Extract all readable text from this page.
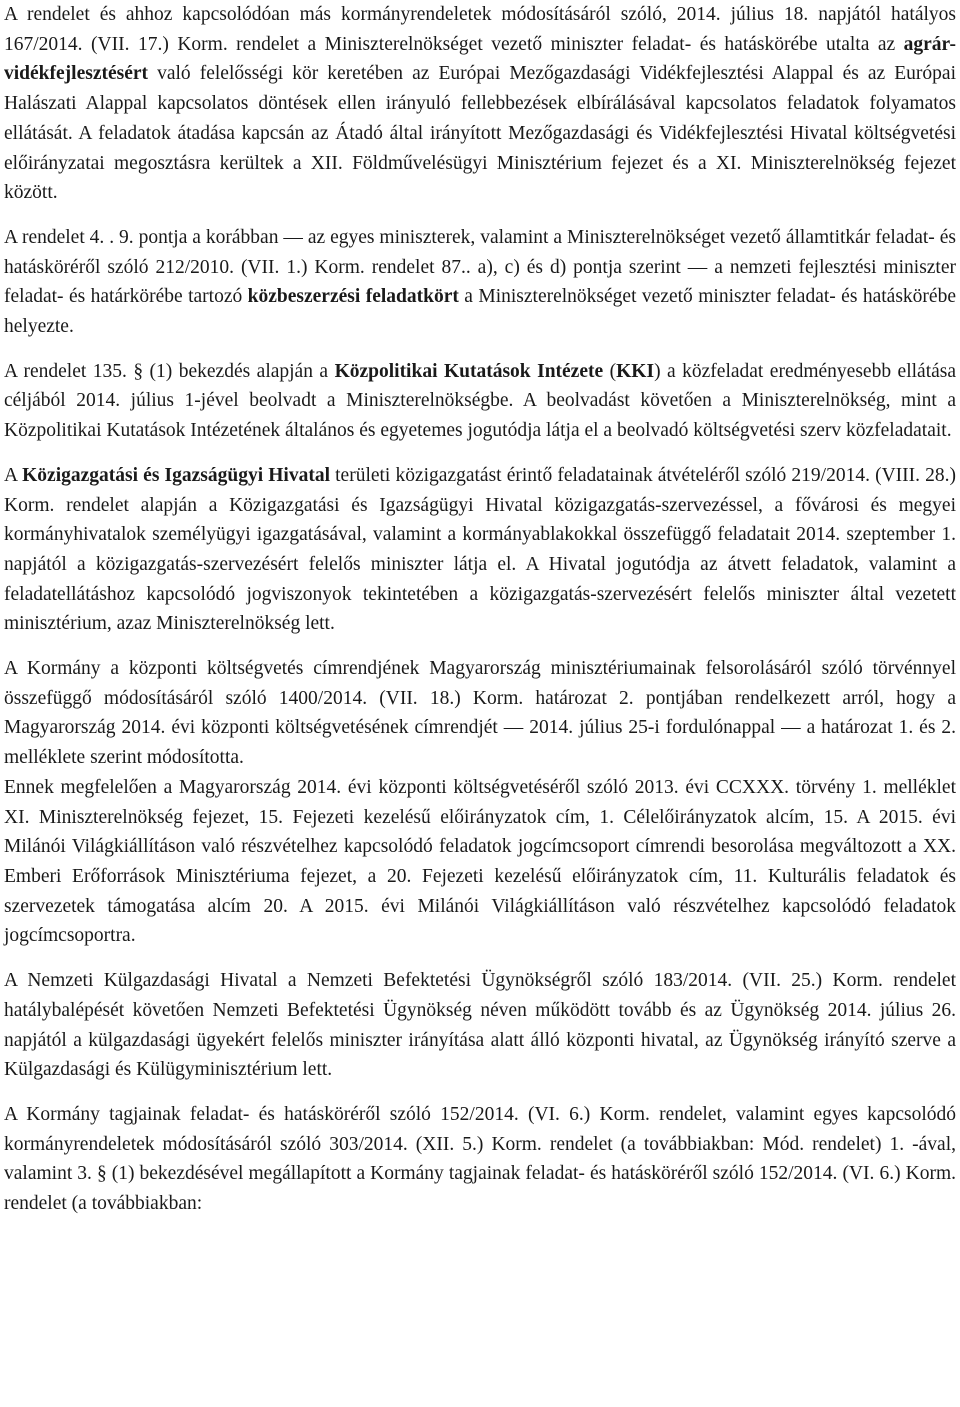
A rendelet és ahhoz kapcsolódóan más kormányrendeletek módosításáról szóló, 2014. július 18. napjától hatályos 167/2014. (VII. 17.) Korm. rendelet a Miniszterelnökséget vezető miniszter feladat- és hatáskörébe utalta az agrár-vidékfejlesztésért való felelősségi kör keretében az Európai Mezőgazdasági Vidékfejlesztési Alappal és az Európai Halászati Alappal kapcsolatos döntések ellen irányuló fellebbezések elbírálásával kapcsolatos feladatok folyamatos ellátását. A feladatok átadása kapcsán az Átadó által irányított Mezőgazdasági és Vidékfejlesztési Hivatal költségvetési előirányzatai megosztásra kerültek a XII. Földművelésügyi Minisztérium fejezet és a XI. Miniszterelnökség fejezet között.

A rendelet 4. . 9. pontja a korábban — az egyes miniszterek, valamint a Miniszterelnökséget vezető államtitkár feladat- és hatásköréről szóló 212/2010. (VII. 1.) Korm. rendelet 87.. a), c) és d) pontja szerint — a nemzeti fejlesztési miniszter feladat- és határkörébe tartozó közbeszerzési feladatkört a Miniszterelnökséget vezető miniszter feladat- és hatáskörébe helyezte.

A rendelet 135. § (1) bekezdés alapján a Közpolitikai Kutatások Intézete (KKI) a közfeladat eredményesebb ellátása céljából 2014. július 1-jével beolvadt a Miniszterelnökségbe. A beolvadást követően a Miniszterelnökség, mint a Közpolitikai Kutatások Intézetének általános és egyetemes jogutódja látja el a beolvadó költségvetési szerv közfeladatait.

A Közigazgatási és Igazságügyi Hivatal területi közigazgatást érintő feladatainak átvételéről szóló 219/2014. (VIII. 28.) Korm. rendelet alapján a Közigazgatási és Igazságügyi Hivatal közigazgatás-szervezéssel, a fővárosi és megyei kormányhivatalok személyügyi igazgatásával, valamint a kormányablakokkal összefüggő feladatait 2014. szeptember 1. napjától a közigazgatás-szervezésért felelős miniszter látja el. A Hivatal jogutódja az átvett feladatok, valamint a feladatellátáshoz kapcsolódó jogviszonyok tekintetében a közigazgatás-szervezésért felelős miniszter által vezetett minisztérium, azaz Miniszterelnökség lett.

A Kormány a központi költségvetés címrendjének Magyarország minisztériumainak felsorolásáról szóló törvénnyel összefüggő módosításáról szóló 1400/2014. (VII. 18.) Korm. határozat 2. pontjában rendelkezett arról, hogy a Magyarország 2014. évi központi költségvetésének címrendjét — 2014. július 25-i fordulónappal — a határozat 1. és 2. melléklete szerint módosította.

Ennek megfelelően a Magyarország 2014. évi központi költségvetéséről szóló 2013. évi CCXXX. törvény 1. melléklet XI. Miniszterelnökség fejezet, 15. Fejezeti kezelésű előirányzatok cím, 1. Célelőirányzatok alcím, 15. A 2015. évi Milánói Világkiállításon való részvételhez kapcsolódó feladatok jogcímcsoport címrendi besorolása megváltozott a XX. Emberi Erőforrások Minisztériuma fejezet, a 20. Fejezeti kezelésű előirányzatok cím, 11. Kulturális feladatok és szervezetek támogatása alcím 20. A 2015. évi Milánói Világkiállításon való részvételhez kapcsolódó feladatok jogcímcsoportra.

A Nemzeti Külgazdasági Hivatal a Nemzeti Befektetési Ügynökségről szóló 183/2014. (VII. 25.) Korm. rendelet hatálybalépését követően Nemzeti Befektetési Ügynökség néven működött tovább és az Ügynökség 2014. július 26. napjától a külgazdasági ügyekért felelős miniszter irányítása alatt álló központi hivatal, az Ügynökség irányító szerve a Külgazdasági és Külügyminisztérium lett.

A Kormány tagjainak feladat- és hatásköréről szóló 152/2014. (VI. 6.) Korm. rendelet, valamint egyes kapcsolódó kormányrendeletek módosításáról szóló 303/2014. (XII. 5.) Korm. rendelet (a továbbiakban: Mód. rendelet) 1. -ával, valamint 3. § (1) bekezdésével megállapított a Kormány tagjainak feladat- és hatásköréről szóló 152/2014. (VI. 6.) Korm. rendelet (a továbbiakban:
